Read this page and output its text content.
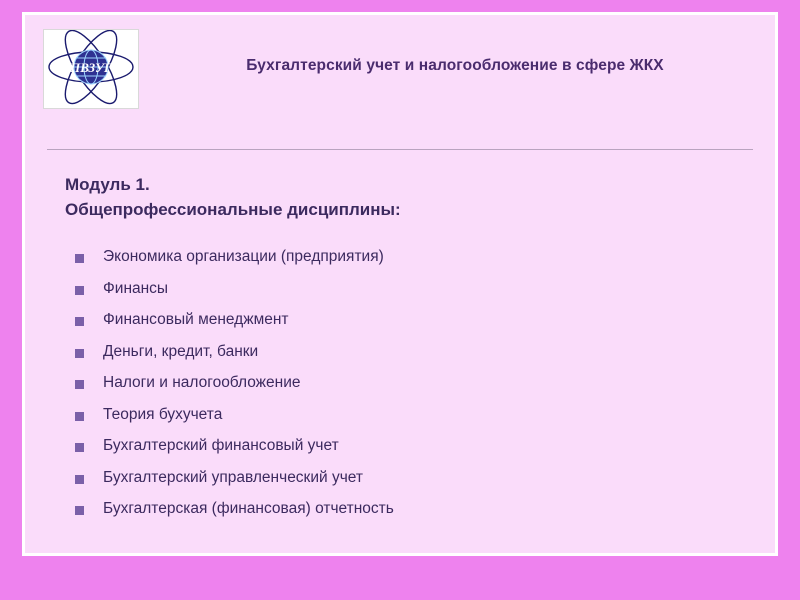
ПВЗУГ	Бухгалтерский учет и налогообложение в сфере ЖКХ
Модуль 1.
Общепрофессиональные дисциплины:
Экономика организации (предприятия)
Финансы
Финансовый менеджмент
Деньги, кредит, банки
Налоги и налогообложение
Теория бухучета
Бухгалтерский финансовый учет
Бухгалтерский управленческий учет
Бухгалтерская (финансовая) отчетность
